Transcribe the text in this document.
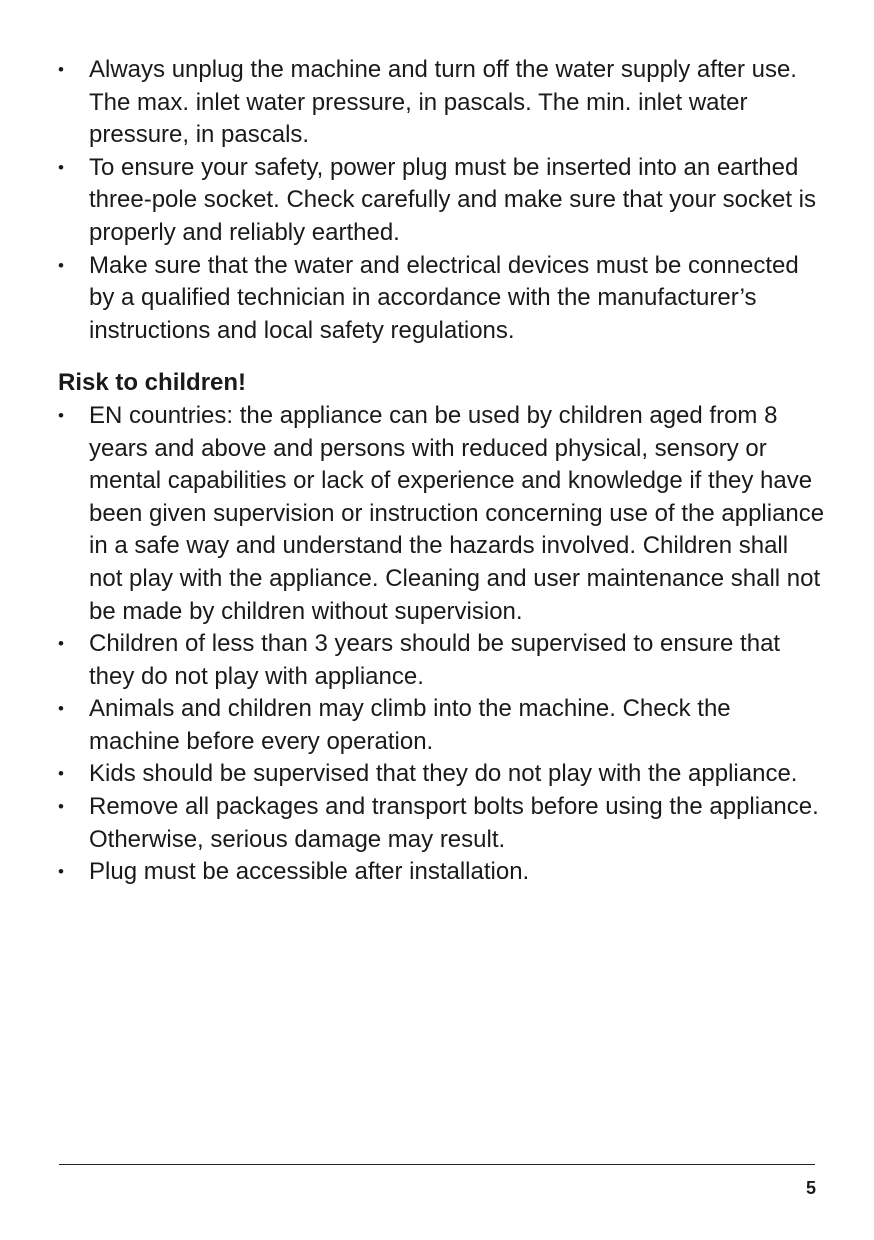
• Always unplug the machine and turn off the water supply after use. The max. inlet water pressure, in pascals. The min. inlet water pressure, in pascals.
• To ensure your safety, power plug must be inserted into an earthed three-pole socket. Check carefully and make sure that your socket is properly and reliably earthed.
• Make sure that the water and electrical devices must be connected by a qualified technician in accordance with the manufacturer’s instructions and local safety regulations.
Risk to children!
• EN countries: the appliance can be used by children aged from 8 years and above and persons with reduced physical, sensory or mental capabilities or lack of experience and knowledge if they have been given supervision or instruction concerning use of the appliance in a safe way and understand the hazards involved. Children shall not play with the appliance. Cleaning and user maintenance shall not be made by children without supervision.
• Children of less than 3 years should be supervised to ensure that they do not play with appliance.
• Animals and children may climb into the machine. Check the machine before every operation.
• Kids should be supervised that they do not play with the appliance.
• Remove all packages and transport bolts before using the appliance. Otherwise, serious damage may result.
• Plug must be accessible after installation.
5
